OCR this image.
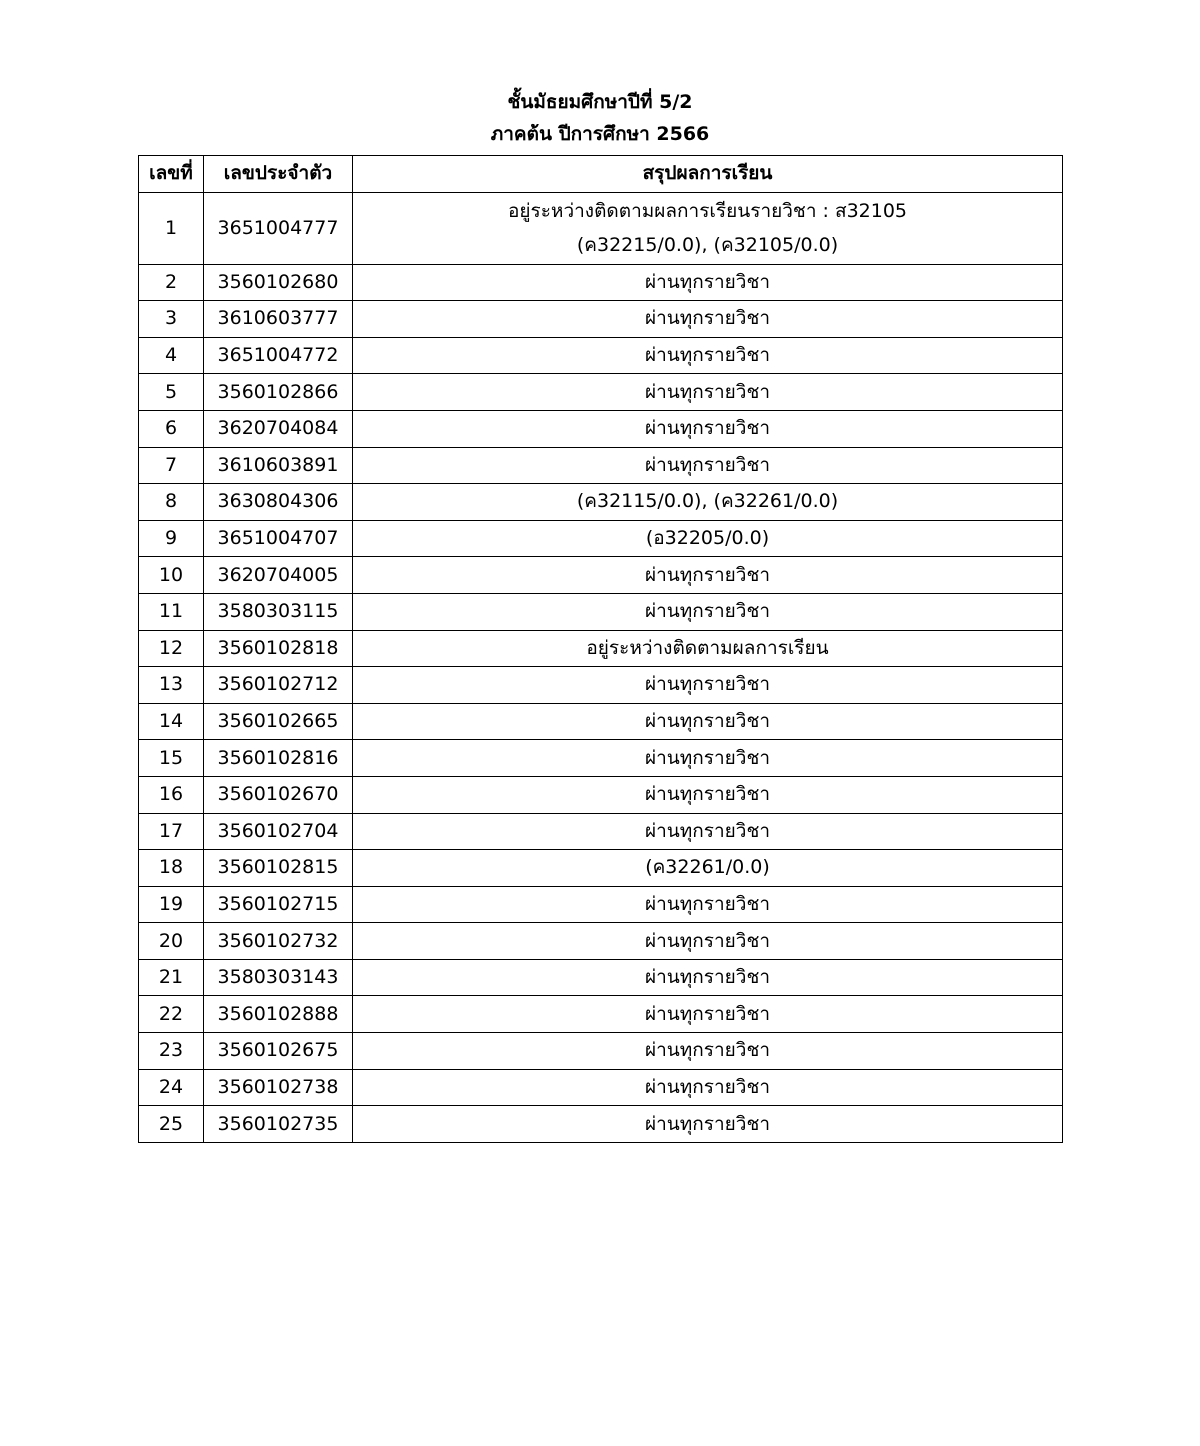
ชั้นมัธยมศึกษาปีที่ 5/2
ภาคต้น ปีการศึกษา 2566
เลขที่	เลขประจำตัว	สรุปผลการเรียน
1	3651004777	อยู่ระหว่างติดตามผลการเรียนรายวิชา : ส32105
(ค32215/0.0), (ค32105/0.0)

2	3560102680	ผ่านทุกรายวิชา

3	3610603777	ผ่านทุกรายวิชา

4	3651004772	ผ่านทุกรายวิชา

5	3560102866	ผ่านทุกรายวิชา

6	3620704084	ผ่านทุกรายวิชา

7	3610603891	ผ่านทุกรายวิชา

8	3630804306	(ค32115/0.0), (ค32261/0.0)

9	3651004707	(อ32205/0.0)

10	3620704005	ผ่านทุกรายวิชา

11	3580303115	ผ่านทุกรายวิชา

12	3560102818	อยู่ระหว่างติดตามผลการเรียน

13	3560102712	ผ่านทุกรายวิชา

14	3560102665	ผ่านทุกรายวิชา

15	3560102816	ผ่านทุกรายวิชา

16	3560102670	ผ่านทุกรายวิชา

17	3560102704	ผ่านทุกรายวิชา

18	3560102815	(ค32261/0.0)

19	3560102715	ผ่านทุกรายวิชา

20	3560102732	ผ่านทุกรายวิชา

21	3580303143	ผ่านทุกรายวิชา

22	3560102888	ผ่านทุกรายวิชา

23	3560102675	ผ่านทุกรายวิชา

24	3560102738	ผ่านทุกรายวิชา

25	3560102735	ผ่านทุกรายวิชา
